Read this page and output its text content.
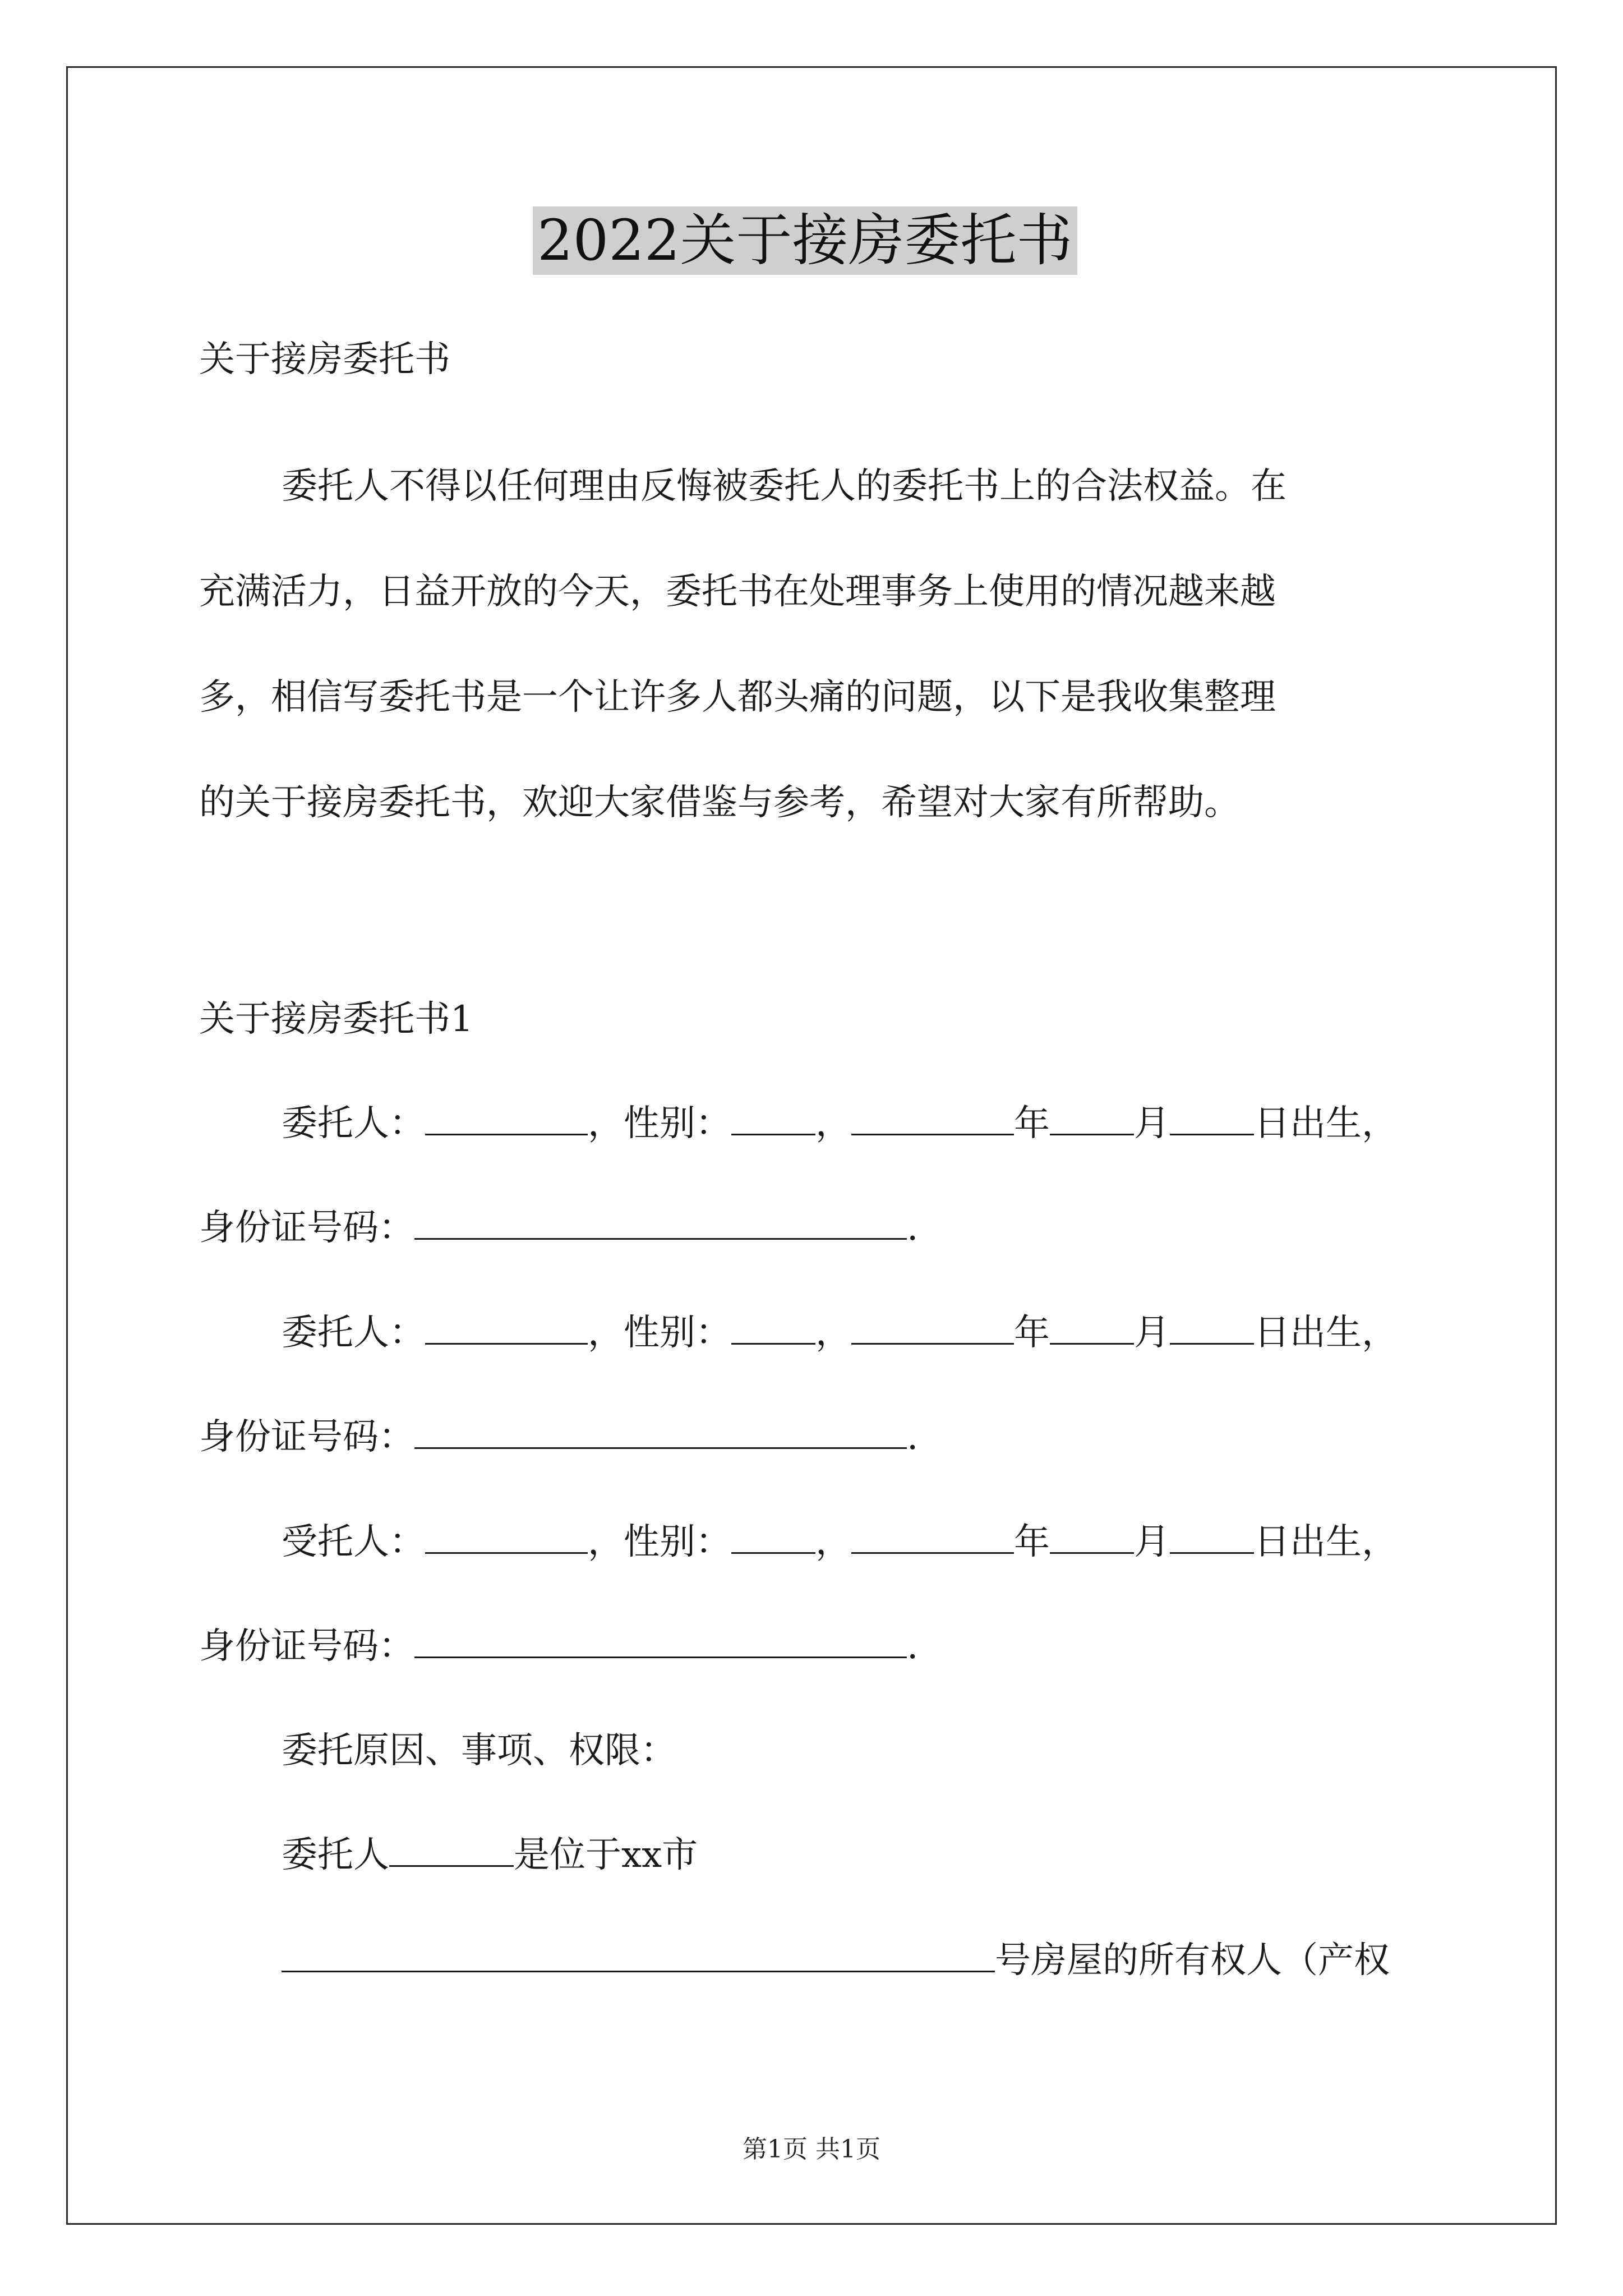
2022关于接房委托书
关于接房委托书
委托人不得以任何理由反悔被委托人的委托书上的合法权益。在
充满活力，日益开放的今天，委托书在处理事务上使用的情况越来越
多，相信写委托书是一个让许多人都头痛的问题，以下是我收集整理
的关于接房委托书，欢迎大家借鉴与参考，希望对大家有所帮助。
关于接房委托书1
委托人：	，性别： ，	年 月 日出生，
身份证号码：	.
委托人：	，性别： ，	年 月 日出生，
身份证号码：	.
受托人：	，性别： ，	年 月 日出生，
身份证号码：	.
委托原因、事项、权限：
委托人	是位于xx市
号房屋的所有权人（产权
第1页 共1页
